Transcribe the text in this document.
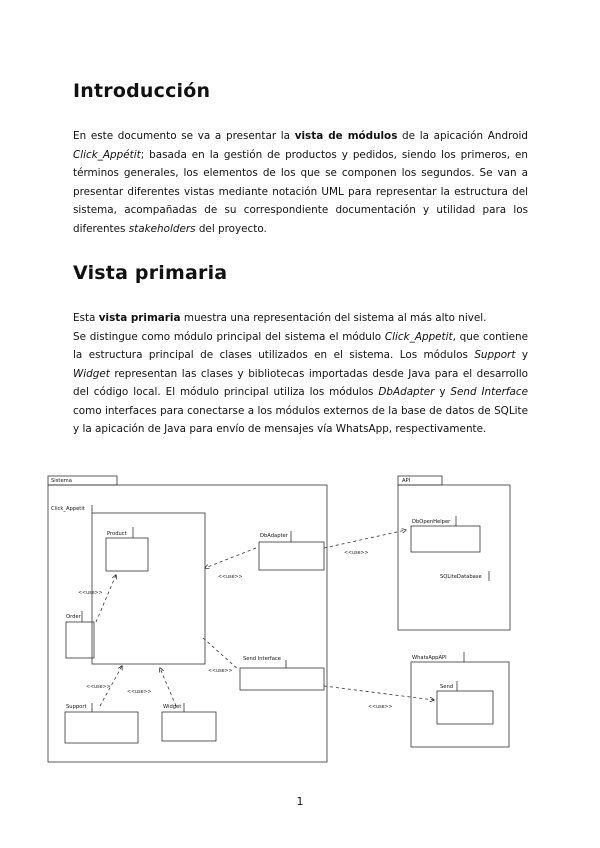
Introducción

En este documento se va a presentar la vista de módulos de la apicación Android Click_Appétit; basada en la gestión de productos y pedidos, siendo los primeros, en términos generales, los elementos de los que se componen los segundos. Se van a presentar diferentes vistas mediante notación UML para representar la estructura del sistema, acompañadas de su correspondiente documentación y utilidad para los diferentes stakeholders del proyecto.

Vista primaria

Esta vista primaria muestra una representación del sistema al más alto nivel.
Se distingue como módulo principal del sistema el módulo Click_Appetit, que contiene la estructura principal de clases utilizados en el sistema. Los módulos Support y Widget representan las clases y bibliotecas importadas desde Java para el desarrollo del código local. El módulo principal utiliza los módulos DbAdapter y Send Interface como interfaces para conectarse a los módulos externos de la base de datos de SQLite y la apicación de Java para envío de mensajes vía WhatsApp, respectivamente.

Sistema
Click_Appetit
Product
Order
DbAdapter
Send Interface
Support	Widget
API
DbOpenHelper
SQLiteDatabase
WhatsAppAPI
Send
<<use>>
<<use>>
<<use>>
<<use>>
<<use>>
<<use>>
<<use>>
1
